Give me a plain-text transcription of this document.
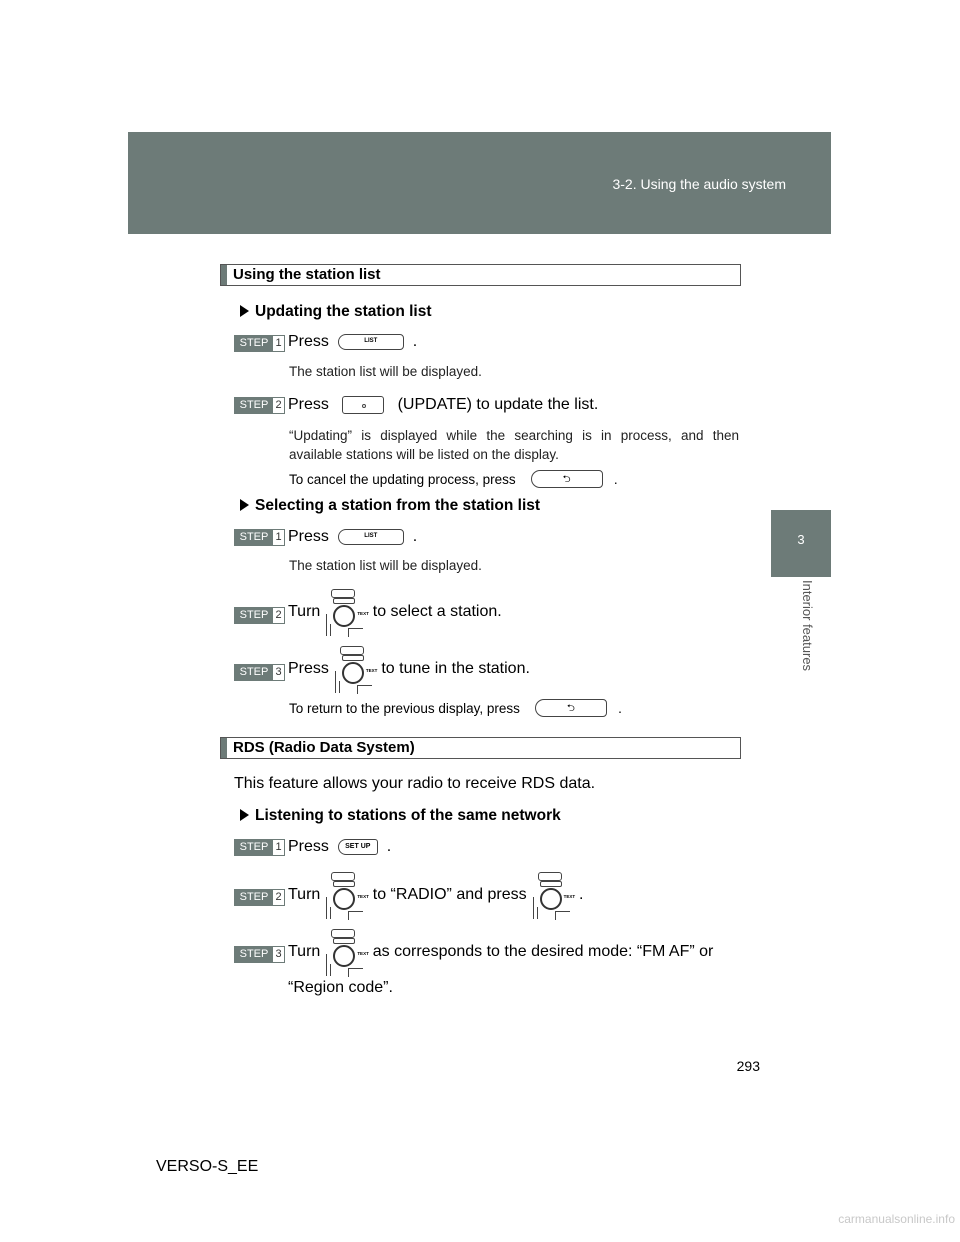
3-2. Using the audio system
3
Interior features
Using the station list
Updating the station list
STEP 1 Press
	LIST
	.
The station list will be displayed.
STEP 2 Press

	(UPDATE) to update the list.
“Updating” is displayed while the searching is in process, and then available stations will be listed on the display.
To cancel the updating process, press
	⮌
	.
Selecting a station from the station list
STEP 1 Press
	LIST
	.
The station list will be displayed.
STEP 2 Turn	TEXT
to select a station.
STEP 3 Press	TEXT
to tune in the station.
To return to the previous display, press
	⮌
	.
RDS (Radio Data System)
This feature allows your radio to receive RDS data.
Listening to stations of the same network
STEP 1 Press
	SET UP
	.
STEP 2 Turn	TEXT
to “RADIO” and press	TEXT
.
STEP 3 Turn	TEXT
as corresponds to the desired mode: “FM AF” or
“Region code”.
293
VERSO-S_EE
carmanualsonline.info
